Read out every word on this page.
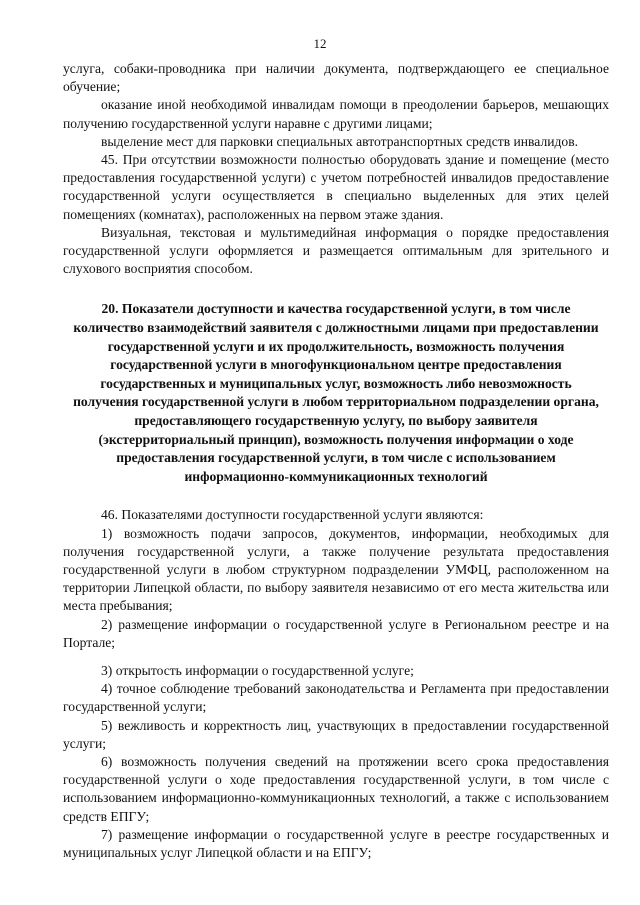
12

услуга, собаки-проводника при наличии документа, подтверждающего ее специальное обучение;

оказание иной необходимой инвалидам помощи в преодолении барьеров, мешающих получению государственной услуги наравне с другими лицами;

выделение мест для парковки специальных автотранспортных средств инвалидов.

45. При отсутствии возможности полностью оборудовать здание и помещение (место предоставления государственной услуги) с учетом потребностей инвалидов предоставление государственной услуги осуществляется в специально выделенных для этих целей помещениях (комнатах), расположенных на первом этаже здания.

Визуальная, текстовая и мультимедийная информация о порядке предоставления государственной услуги оформляется и размещается оптимальным для зрительного и слухового восприятия способом.

20. Показатели доступности и качества государственной услуги, в том числе количество взаимодействий заявителя с должностными лицами при предоставлении государственной услуги и их продолжительность, возможность получения государственной услуги в многофункциональном центре предоставления государственных и муниципальных услуг, возможность либо невозможность получения государственной услуги в любом территориальном подразделении органа, предоставляющего государственную услугу, по выбору заявителя (экстерриториальный принцип), возможность получения информации о ходе предоставления государственной услуги, в том числе с использованием информационно-коммуникационных технологий

46. Показателями доступности государственной услуги являются:

1) возможность подачи запросов, документов, информации, необходимых для получения государственной услуги, а также получение результата предоставления государственной услуги в любом структурном подразделении УМФЦ, расположенном на территории Липецкой области, по выбору заявителя независимо от его места жительства или места пребывания;

2) размещение информации о государственной услуге в Региональном реестре и на Портале;

3) открытость информации о государственной услуге;

4) точное соблюдение требований законодательства и Регламента при предоставлении государственной услуги;

5) вежливость и корректность лиц, участвующих в предоставлении государственной услуги;

6) возможность получения сведений на протяжении всего срока предоставления государственной услуги о ходе предоставления государственной услуги, в том числе с использованием информационно-коммуникационных технологий, а также с использованием средств ЕПГУ;

7) размещение информации о государственной услуге в реестре государственных и муниципальных услуг Липецкой области и на ЕПГУ;
